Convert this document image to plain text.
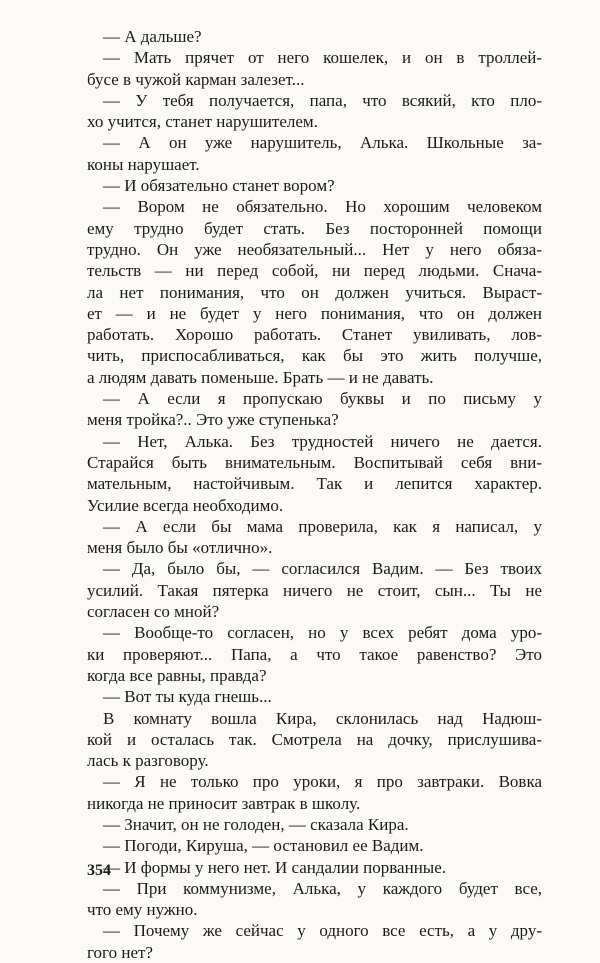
— А дальше?
— Мать прячет от него кошелек, и он в троллей-
бусе в чужой карман залезет...
— У тебя получается, папа, что всякий, кто пло-
хо учится, станет нарушителем.
— А он уже нарушитель, Алька. Школьные за-
коны нарушает.
— И обязательно станет вором?
— Вором не обязательно. Но хорошим человеком
ему трудно будет стать. Без посторонней помощи
трудно. Он уже необязательный... Нет у него обяза-
тельств — ни перед собой, ни перед людьми. Снача-
ла нет понимания, что он должен учиться. Выраст-
ет — и не будет у него понимания, что он должен
работать. Хорошо работать. Станет увиливать, лов-
чить, приспосабливаться, как бы это жить получше,
а людям давать поменьше. Брать — и не давать.
— А если я пропускаю буквы и по письму у
меня тройка?.. Это уже ступенька?
— Нет, Алька. Без трудностей ничего не дается.
Старайся быть внимательным. Воспитывай себя вни-
мательным, настойчивым. Так и лепится характер.
Усилие всегда необходимо.
— А если бы мама проверила, как я написал, у
меня было бы «отлично».
— Да, было бы, — согласился Вадим. — Без твоих
усилий. Такая пятерка ничего не стоит, сын... Ты не
согласен со мной?
— Вообще-то согласен, но у всех ребят дома уро-
ки проверяют... Папа, а что такое равенство? Это
когда все равны, правда?
— Вот ты куда гнешь...
В комнату вошла Кира, склонилась над Надюш-
кой и осталась так. Смотрела на дочку, прислушива-
лась к разговору.
— Я не только про уроки, я про завтраки. Вовка
никогда не приносит завтрак в школу.
— Значит, он не голоден, — сказала Кира.
— Погоди, Кируша, — остановил ее Вадим.
— И формы у него нет. И сандалии порванные.
— При коммунизме, Алька, у каждого будет все,
что ему нужно.
— Почему же сейчас у одного все есть, а у дру-
гого нет?
354
